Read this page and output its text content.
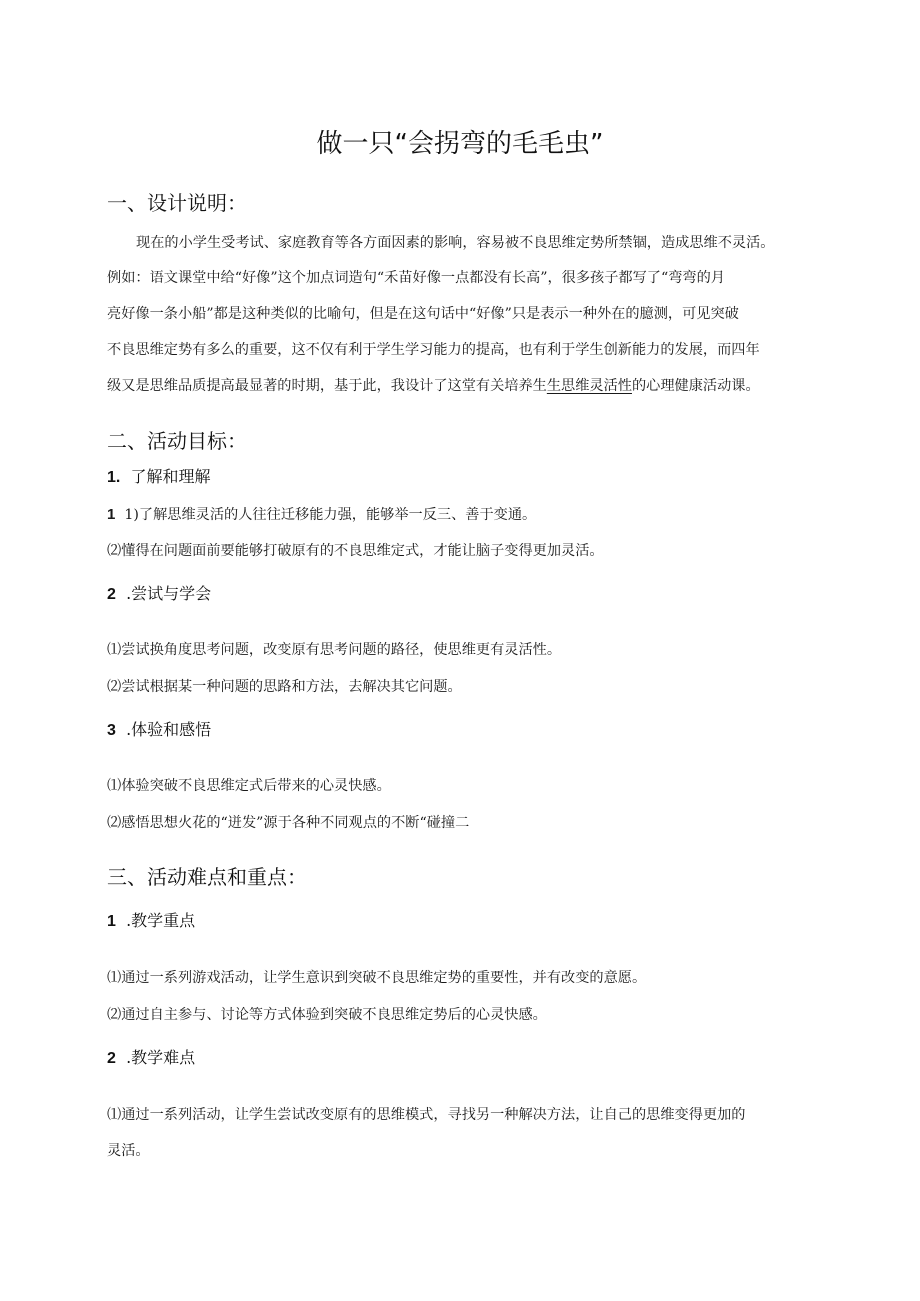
做一只“会拐弯的毛毛虫”
一、设计说明：
现在的小学生受考试、家庭教育等各方面因素的影响，容易被不良思维定势所禁锢，造成思维不灵活。
例如：语文课堂中给“好像”这个加点词造句“禾苗好像一点都没有长高”，很多孩子都写了“弯弯的月
亮好像一条小船”都是这种类似的比喻句，但是在这句话中“好像”只是表示一种外在的臆测，可见突破
不良思维定势有多么的重要，这不仅有利于学生学习能力的提高，也有利于学生创新能力的发展，而四年
级又是思维品质提高最显著的时期，基于此，我设计了这堂有关培养生生思维灵活性的心理健康活动课。
二、活动目标：
1. 了解和理解
1 1)了解思维灵活的人往往迁移能力强，能够举一反三、善于变通。
⑵懂得在问题面前要能够打破原有的不良思维定式，才能让脑子变得更加灵活。
2 .尝试与学会
⑴尝试换角度思考问题，改变原有思考问题的路径，使思维更有灵活性。
⑵尝试根据某一种问题的思路和方法，去解决其它问题。
3 .体验和感悟
⑴体验突破不良思维定式后带来的心灵快感。
⑵感悟思想火花的“迸发”源于各种不同观点的不断“碰撞二
三、活动难点和重点：
1 .教学重点
⑴通过一系列游戏活动，让学生意识到突破不良思维定势的重要性，并有改变的意愿。
⑵通过自主参与、讨论等方式体验到突破不良思维定势后的心灵快感。
2 .教学难点
⑴通过一系列活动，让学生尝试改变原有的思维模式，寻找另一种解决方法，让自己的思维变得更加的
灵活。
